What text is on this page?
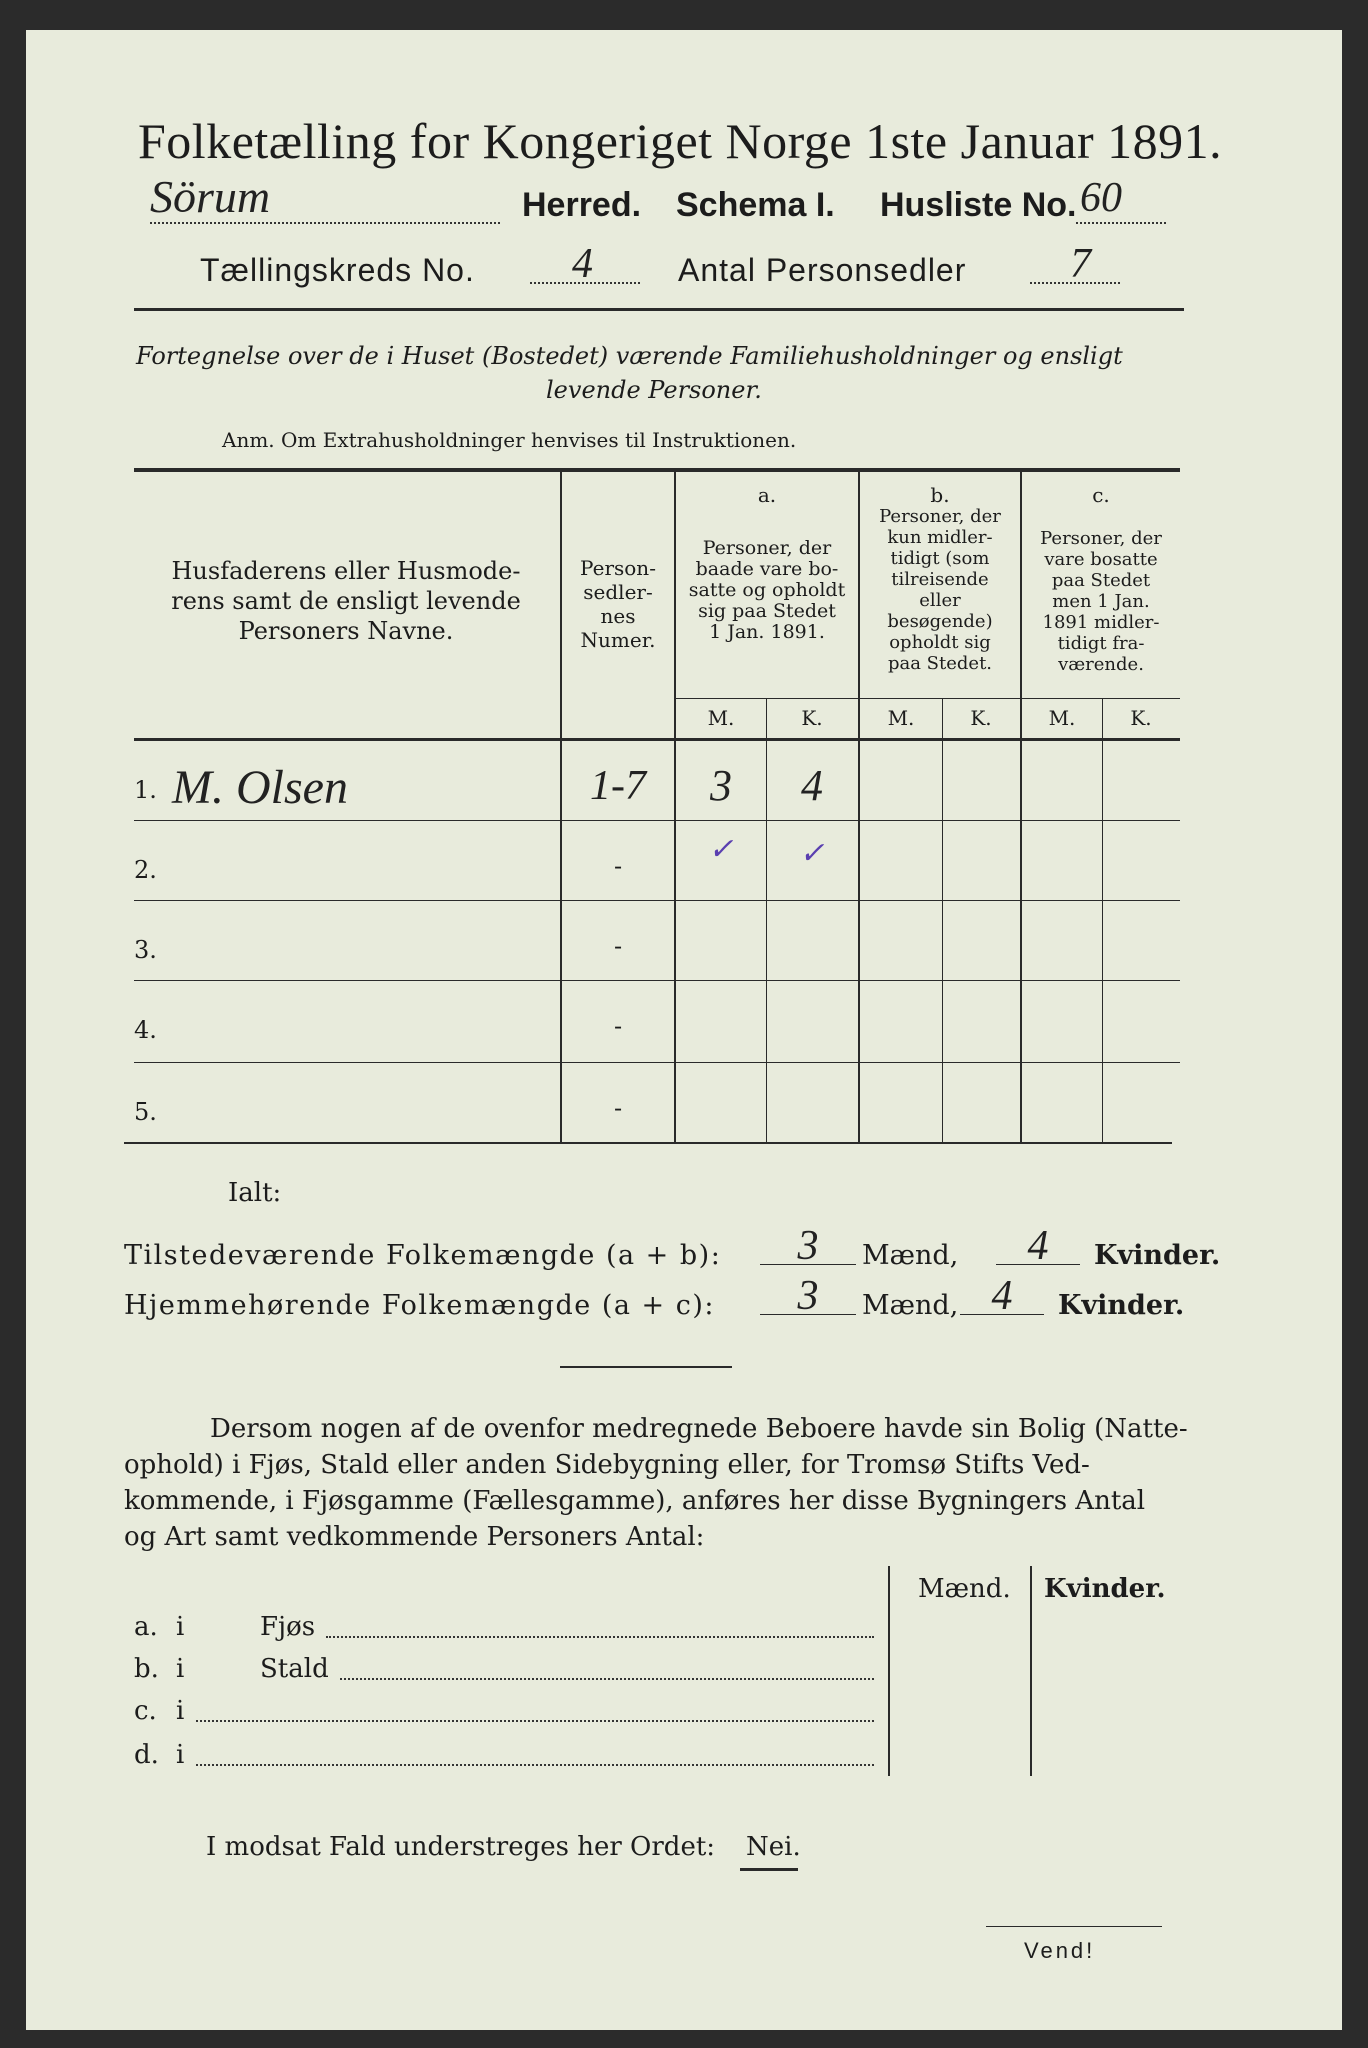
Folketælling for Kongeriget Norge 1ste Januar 1891.
Sörum	Herred. Schema I. Husliste No. 60
Tællingskreds No. 4	Antal Personsedler 7
Fortegnelse over de i Huset (Bostedet) værende Familiehusholdninger og ensligt
levende Personer.
Anm. Om Extrahusholdninger henvises til Instruktionen.
Husfaderens eller Husmode-
rens samt de ensligt levende
Personers Navne.
Person-
sedler-
nes
Numer.
a.
Personer, der
baade vare bo-
satte og opholdt
sig paa Stedet
1 Jan. 1891.
b.
Personer, der
kun midler-
tidigt (som
tilreisende
eller
besøgende)
opholdt sig
paa Stedet.
c.
Personer, der
vare bosatte
paa Stedet
men 1 Jan.
1891 midler-
tidigt fra-
værende.
M.	K.	M.	K.	M.	K.
1. M. Olsen	1-7	3	4
2.	-	✓	✓
3.	-
4.	-
5.	-
Ialt:
Tilstedeværende Folkemængde (a + b):	3	Mænd,	4	Kvinder.
Hjemmehørende Folkemængde (a + c):	3	Mænd, 4	Kvinder.
Dersom nogen af de ovenfor medregnede Beboere havde sin Bolig (Natte-
ophold) i Fjøs, Stald eller anden Sidebygning eller, for Tromsø Stifts Ved-
kommende, i Fjøsgamme (Fællesgamme), anføres her disse Bygningers Antal
og Art samt vedkommende Personers Antal:
Mænd. Kvinder.
a. i	Fjøs
b. i	Stald
c. i
d. i
I modsat Fald understreges her Ordet: Nei.
Vend!
